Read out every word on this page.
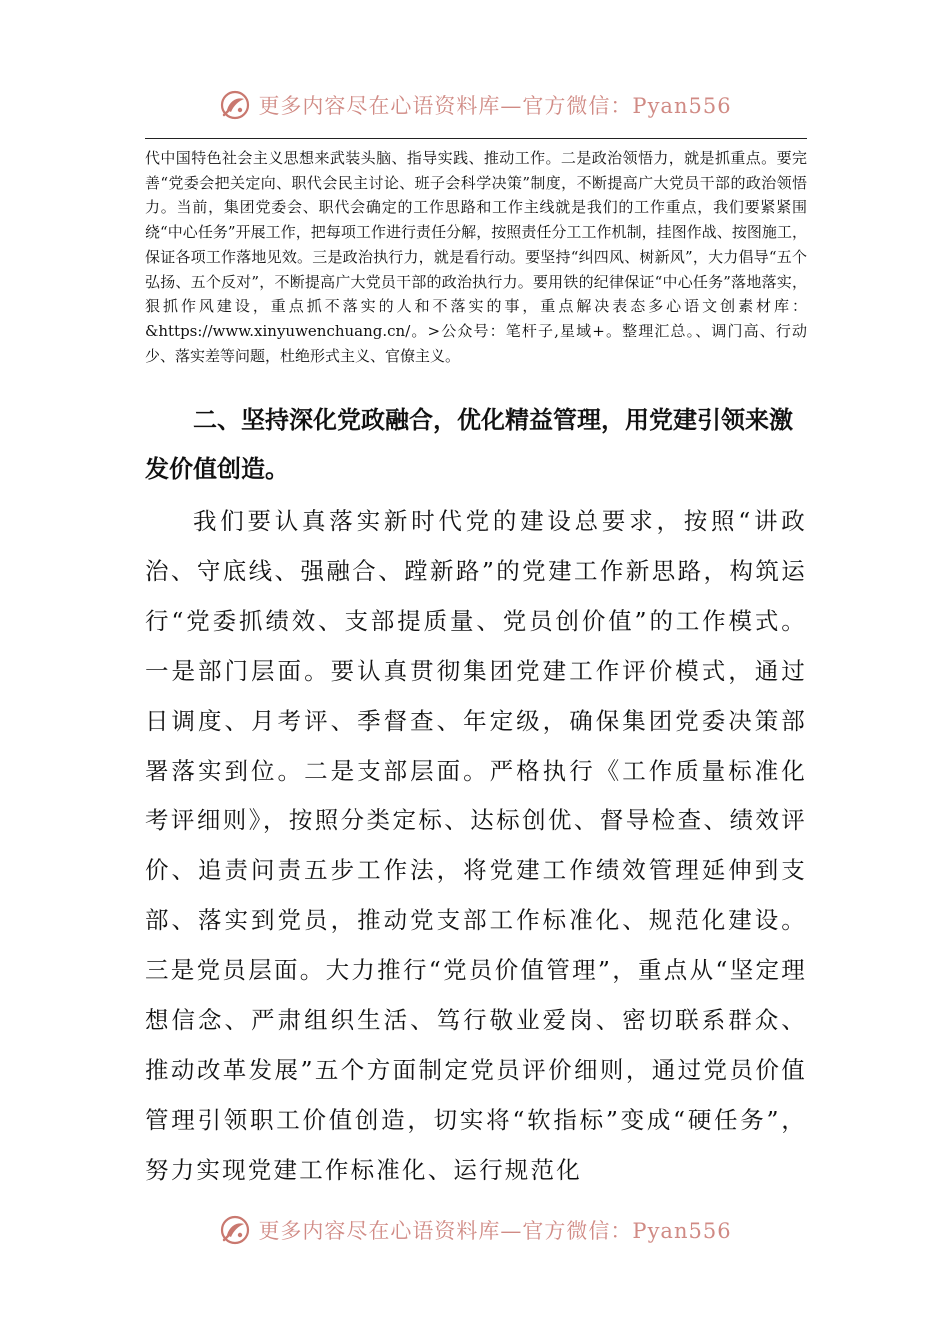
更多内容尽在心语资料库—官方微信：Pyan556

代中国特色社会主义思想来武装头脑、指导实践、推动工作。二是政治领悟力，就是抓重点。要完善“党委会把关定向、职代会民主讨论、班子会科学决策”制度，不断提高广大党员干部的政治领悟力。当前，集团党委会、职代会确定的工作思路和工作主线就是我们的工作重点，我们要紧紧围绕“中心任务”开展工作，把每项工作进行责任分解，按照责任分工工作机制，挂图作战、按图施工，保证各项工作落地见效。三是政治执行力，就是看行动。要坚持“纠四风、树新风”，大力倡导“五个弘扬、五个反对”，不断提高广大党员干部的政治执行力。要用铁的纪律保证“中心任务”落地落实，狠抓作风建设，重点抓不落实的人和不落实的事，重点解决表态多心语文创素材库：&https://www.xinyuwenchuang.cn/。>公众号：笔杆子,星域+。整理汇总。、调门高、行动少、落实差等问题，杜绝形式主义、官僚主义。

二、坚持深化党政融合，优化精益管理，用党建引领来激发价值创造。

我们要认真落实新时代党的建设总要求，按照“讲政治、守底线、强融合、蹚新路”的党建工作新思路，构筑运行“党委抓绩效、支部提质量、党员创价值”的工作模式。一是部门层面。要认真贯彻集团党建工作评价模式，通过日调度、月考评、季督查、年定级，确保集团党委决策部署落实到位。二是支部层面。严格执行《工作质量标准化考评细则》，按照分类定标、达标创优、督导检查、绩效评价、追责问责五步工作法，将党建工作绩效管理延伸到支部、落实到党员，推动党支部工作标准化、规范化建设。三是党员层面。大力推行“党员价值管理”，重点从“坚定理想信念、严肃组织生活、笃行敬业爱岗、密切联系群众、推动改革发展”五个方面制定党员评价细则，通过党员价值管理引领职工价值创造，切实将“软指标”变成“硬任务”，努力实现党建工作标准化、运行规范化

更多内容尽在心语资料库—官方微信：Pyan556
